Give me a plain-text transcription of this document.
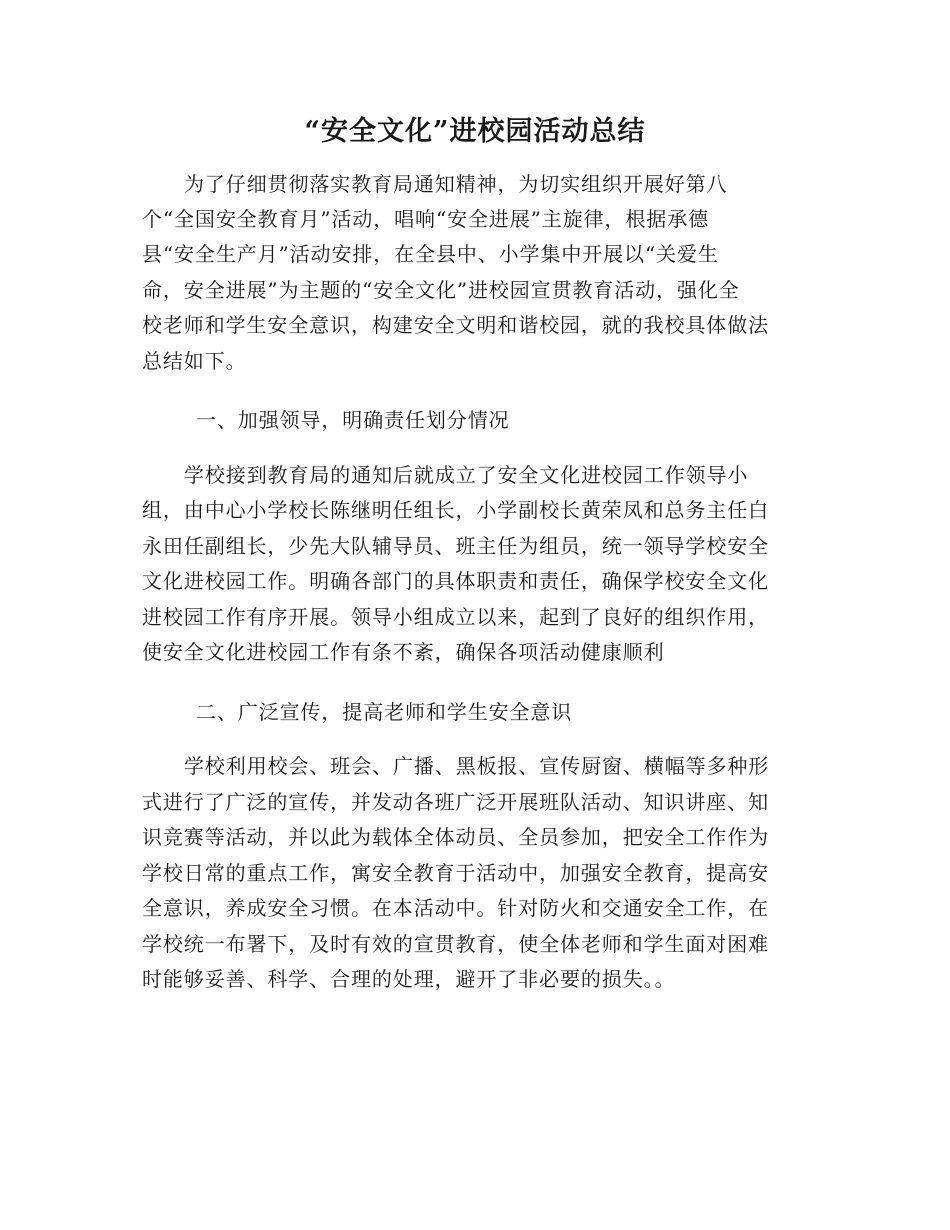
“安全文化”进校园活动总结
为了仔细贯彻落实教育局通知精神，为切实组织开展好第八
个“全国安全教育月”活动，唱响“安全进展”主旋律，根据承德
县“安全生产月”活动安排，在全县中、小学集中开展以“关爱生
命，安全进展”为主题的“安全文化”进校园宣贯教育活动，强化全
校老师和学生安全意识，构建安全文明和谐校园，就的我校具体做法
总结如下。
一、加强领导，明确责任划分情况
学校接到教育局的通知后就成立了安全文化进校园工作领导小
组，由中心小学校长陈继明任组长，小学副校长黄荣凤和总务主任白
永田任副组长，少先大队辅导员、班主任为组员，统一领导学校安全
文化进校园工作。明确各部门的具体职责和责任，确保学校安全文化
进校园工作有序开展。领导小组成立以来，起到了良好的组织作用，
使安全文化进校园工作有条不紊，确保各项活动健康顺利
二、广泛宣传，提高老师和学生安全意识
学校利用校会、班会、广播、黑板报、宣传厨窗、横幅等多种形
式进行了广泛的宣传，并发动各班广泛开展班队活动、知识讲座、知
识竞赛等活动，并以此为载体全体动员、全员参加，把安全工作作为
学校日常的重点工作，寓安全教育于活动中，加强安全教育，提高安
全意识，养成安全习惯。在本活动中。针对防火和交通安全工作，在
学校统一布署下，及时有效的宣贯教育，使全体老师和学生面对困难
时能够妥善、科学、合理的处理，避开了非必要的损失。。
